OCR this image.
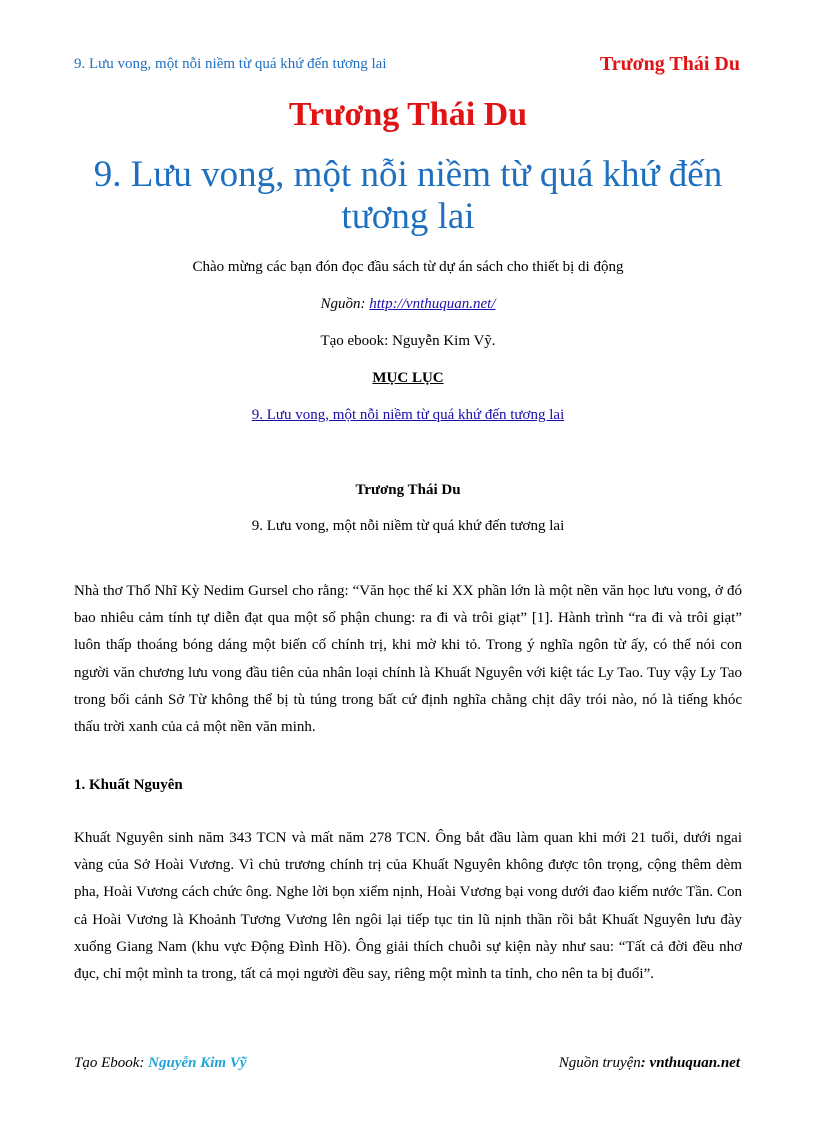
9. Lưu vong, một nỗi niềm từ quá khứ đến tương lai	Trương Thái Du
Trương Thái Du
9. Lưu vong, một nỗi niềm từ quá khứ đến tương lai
Chào mừng các bạn đón đọc đầu sách từ dự án sách cho thiết bị di động
Nguồn: http://vnthuquan.net/
Tạo ebook: Nguyễn Kim Vỹ.
MỤC LỤC
9. Lưu vong, một nỗi niềm từ quá khứ đến tương lai
Trương Thái Du
9. Lưu vong, một nỗi niềm từ quá khứ đến tương lai
Nhà thơ Thổ Nhĩ Kỳ Nedim Gursel cho rằng: “Văn học thế kỉ XX phần lớn là một nền văn học lưu vong, ở đó bao nhiêu cảm tính tự diễn đạt qua một số phận chung: ra đi và trôi giạt” [1]. Hành trình “ra đi và trôi giạt” luôn thấp thoáng bóng dáng một biến cố chính trị, khi mờ khi tỏ. Trong ý nghĩa ngôn từ ấy, có thể nói con người văn chương lưu vong đầu tiên của nhân loại chính là Khuất Nguyên với kiệt tác Ly Tao. Tuy vậy Ly Tao trong bối cảnh Sở Từ không thể bị tù túng trong bất cứ định nghĩa chằng chịt dây trói nào, nó là tiếng khóc thấu trời xanh của cả một nền văn minh.
1. Khuất Nguyên
Khuất Nguyên sinh năm 343 TCN và mất năm 278 TCN. Ông bắt đầu làm quan khi mới 21 tuổi, dưới ngai vàng của Sở Hoài Vương. Vì chủ trương chính trị của Khuất Nguyên không được tôn trọng, cộng thêm dèm pha, Hoài Vương cách chức ông. Nghe lời bọn xiểm nịnh, Hoài Vương bại vong dưới đao kiếm nước Tần. Con cả Hoài Vương là Khoảnh Tương Vương lên ngôi lại tiếp tục tin lũ nịnh thần rồi bắt Khuất Nguyên lưu đày xuống Giang Nam (khu vực Động Đình Hồ). Ông giải thích chuỗi sự kiện này như sau: “Tất cả đời đều nhơ đục, chỉ một mình ta trong, tất cả mọi người đều say, riêng một mình ta tỉnh, cho nên ta bị đuổi”.
Tạo Ebook: Nguyễn Kim Vỹ	Nguồn truyện: vnthuquan.net
